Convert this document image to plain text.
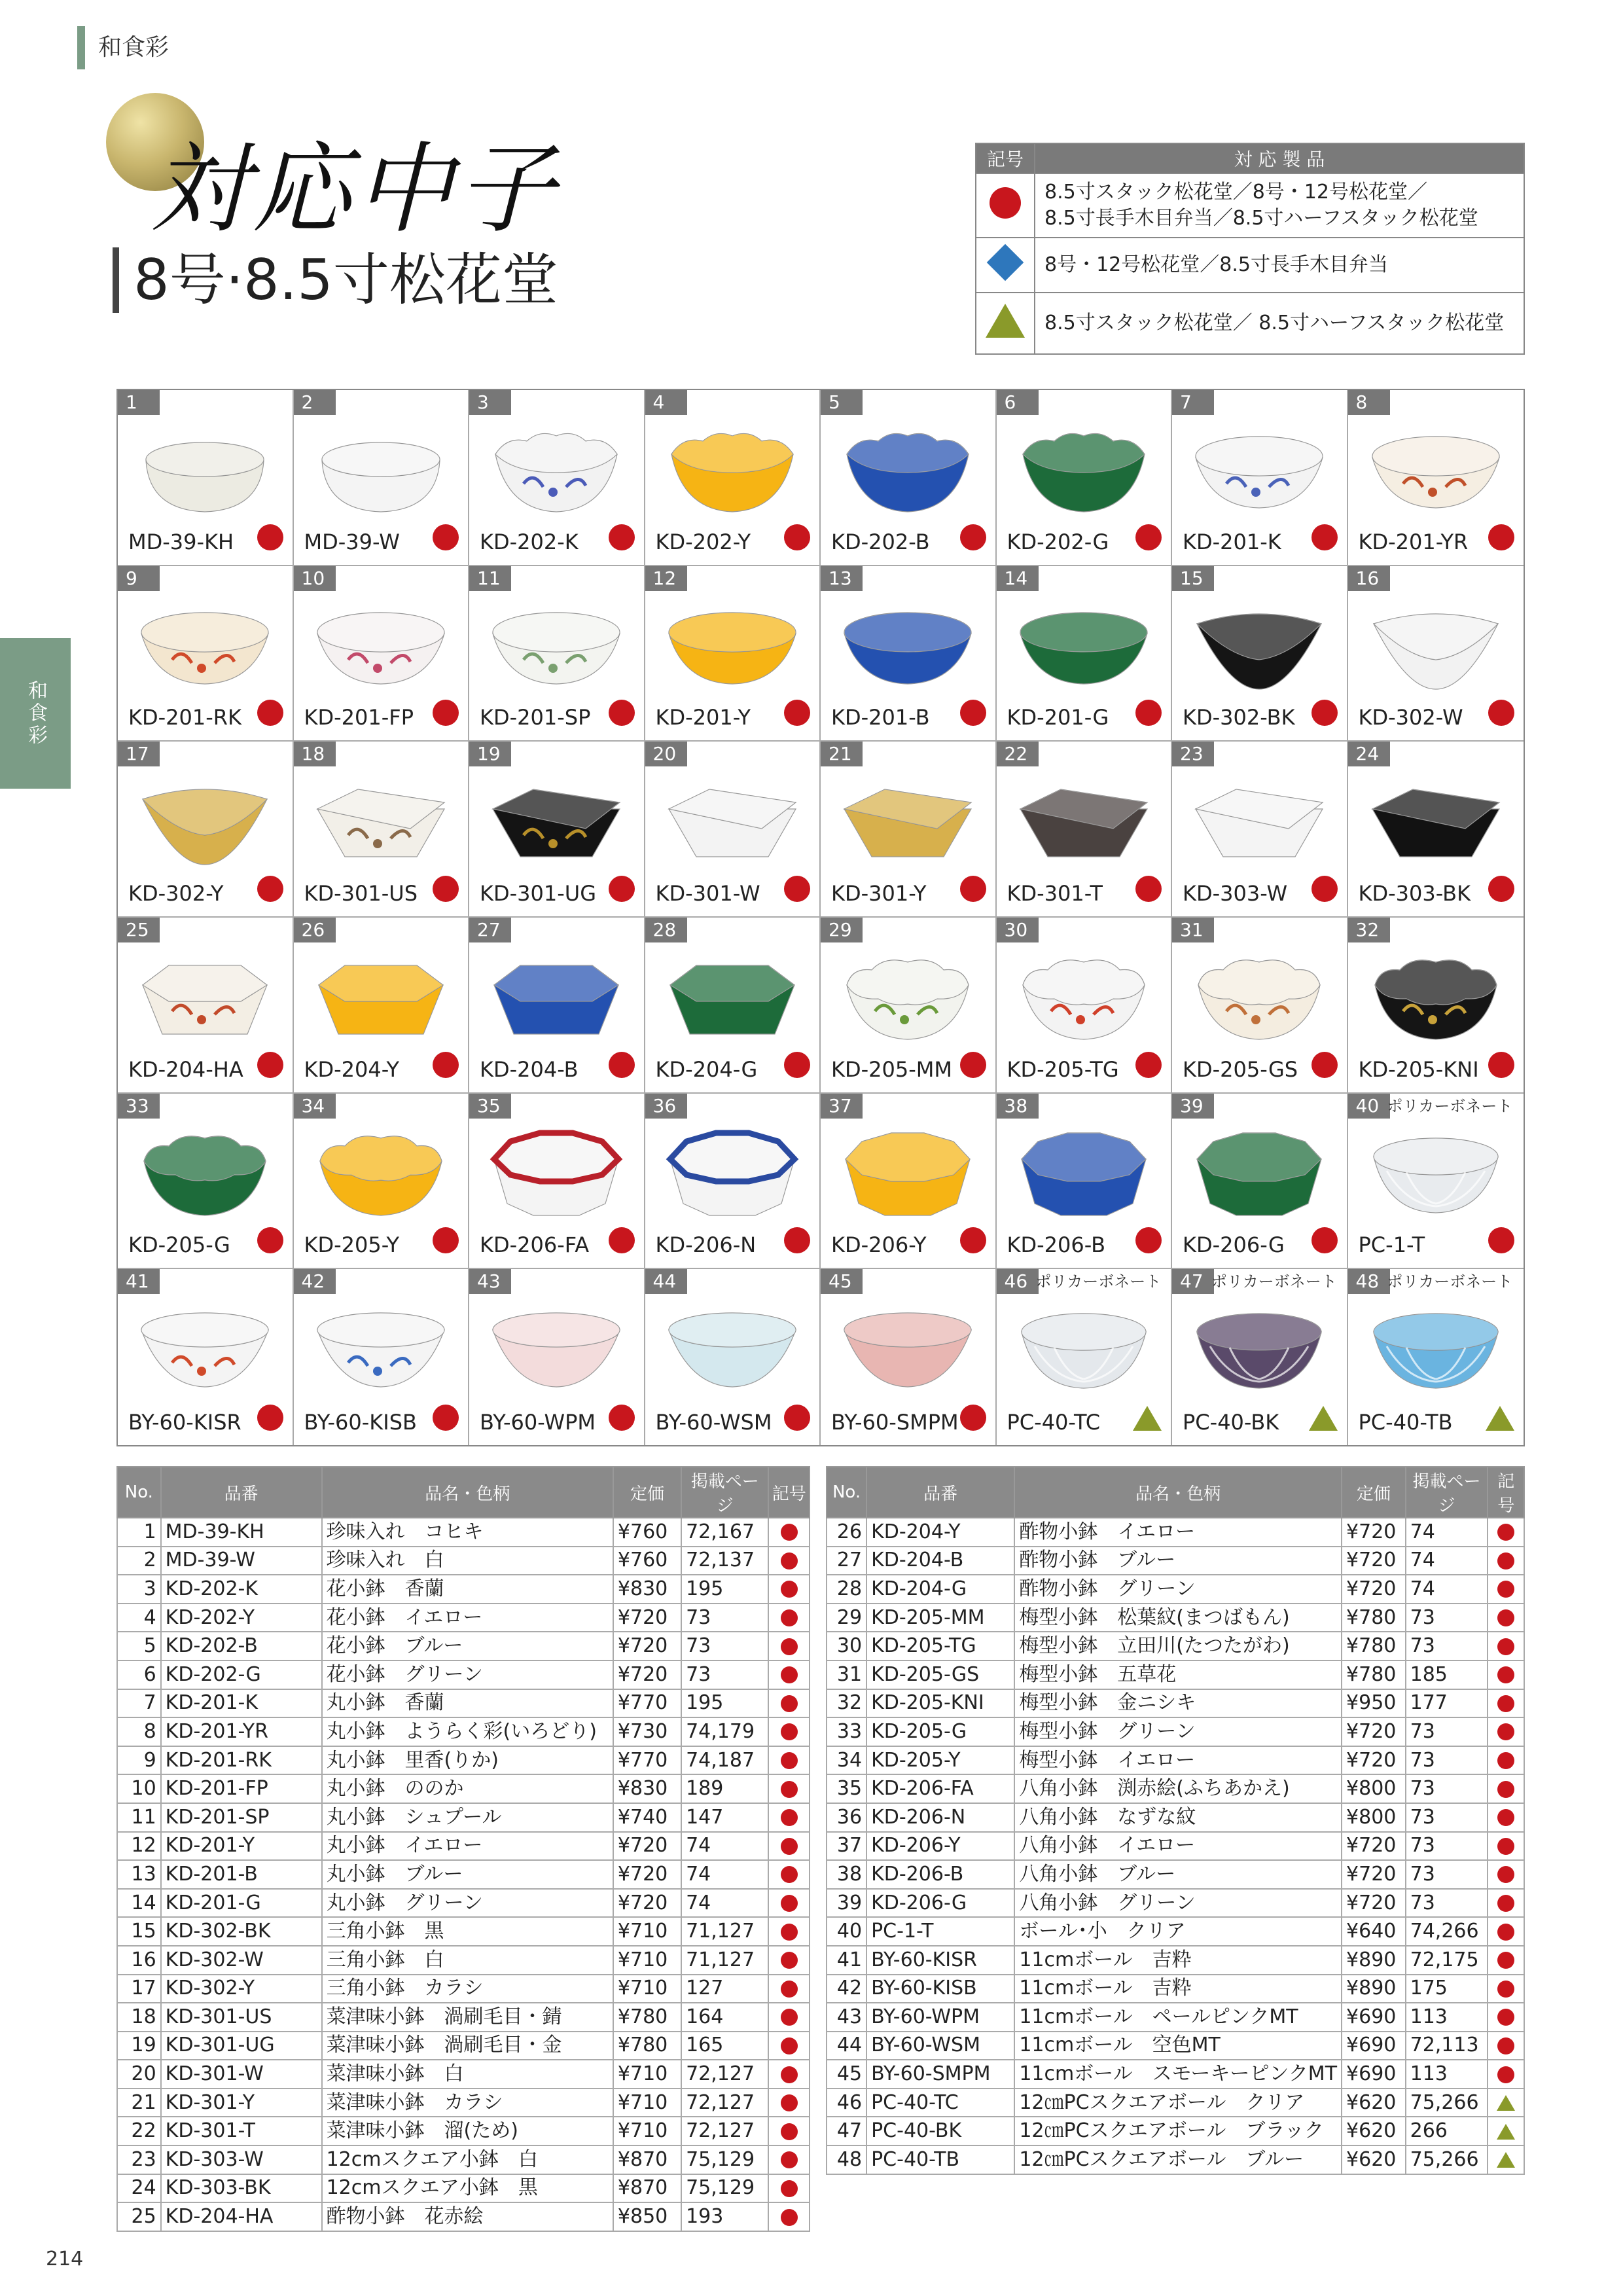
和食彩
和食彩
対応中子
8号·8.5寸松花堂
記号	対 応 製 品
	8.5寸スタック松花堂／8号・12号松花堂／
8.5寸長手木目弁当／8.5寸ハーフスタック松花堂
	8号・12号松花堂／8.5寸長手木目弁当
	8.5寸スタック松花堂／ 8.5寸ハーフスタック松花堂
1
MD-39-KH
2
MD-39-W
3
KD-202-K
4
KD-202-Y
5
KD-202-B
6
KD-202-G
7
KD-201-K
8
KD-201-YR
9
KD-201-RK
10
KD-201-FP
11
KD-201-SP
12
KD-201-Y
13
KD-201-B
14
KD-201-G
15
KD-302-BK
16
KD-302-W
17
KD-302-Y
18
KD-301-US
19
KD-301-UG
20
KD-301-W
21
KD-301-Y
22
KD-301-T
23
KD-303-W
24
KD-303-BK
25
KD-204-HA
26
KD-204-Y
27
KD-204-B
28
KD-204-G
29
KD-205-MM
30
KD-205-TG
31
KD-205-GS
32
KD-205-KNI
33
KD-205-G
34
KD-205-Y
35
KD-206-FA
36
KD-206-N
37
KD-206-Y
38
KD-206-B
39
KD-206-G
40 ポリカーボネート
PC-1-T
41
BY-60-KISR
42
BY-60-KISB
43
BY-60-WPM
44
BY-60-WSM
45
BY-60-SMPM
46 ポリカーボネート
PC-40-TC
47 ポリカーボネート
PC-40-BK
48 ポリカーボネート
PC-40-TB
No.	品番	品名・色柄	定価	掲載ページ	記号
1	MD-39-KH	珍味入れ　コヒキ	¥760	72,167	
2	MD-39-W	珍味入れ　白	¥760	72,137	
3	KD-202-K	花小鉢　香蘭	¥830	195	
4	KD-202-Y	花小鉢　イエロー	¥720	73	
5	KD-202-B	花小鉢　ブルー	¥720	73	
6	KD-202-G	花小鉢　グリーン	¥720	73	
7	KD-201-K	丸小鉢　香蘭	¥770	195	
8	KD-201-YR	丸小鉢　ようらく彩(いろどり)	¥730	74,179	
9	KD-201-RK	丸小鉢　里香(りか)	¥770	74,187	
10	KD-201-FP	丸小鉢　ののか	¥830	189	
11	KD-201-SP	丸小鉢　シュプール	¥740	147	
12	KD-201-Y	丸小鉢　イエロー	¥720	74	
13	KD-201-B	丸小鉢　ブルー	¥720	74	
14	KD-201-G	丸小鉢　グリーン	¥720	74	
15	KD-302-BK	三角小鉢　黒	¥710	71,127	
16	KD-302-W	三角小鉢　白	¥710	71,127	
17	KD-302-Y	三角小鉢　カラシ	¥710	127	
18	KD-301-US	菜津味小鉢　渦刷毛目・錆	¥780	164	
19	KD-301-UG	菜津味小鉢　渦刷毛目・金	¥780	165	
20	KD-301-W	菜津味小鉢　白	¥710	72,127	
21	KD-301-Y	菜津味小鉢　カラシ	¥710	72,127	
22	KD-301-T	菜津味小鉢　溜(ため)	¥710	72,127	
23	KD-303-W	12cmスクエア小鉢　白	¥870	75,129	
24	KD-303-BK	12cmスクエア小鉢　黒	¥870	75,129	
25	KD-204-HA	酢物小鉢　花赤絵	¥850	193	
No.	品番	品名・色柄	定価	掲載ページ	記号
26	KD-204-Y	酢物小鉢　イエロー	¥720	74	
27	KD-204-B	酢物小鉢　ブルー	¥720	74	
28	KD-204-G	酢物小鉢　グリーン	¥720	74	
29	KD-205-MM	梅型小鉢　松葉紋(まつばもん)	¥780	73	
30	KD-205-TG	梅型小鉢　立田川(たつたがわ)	¥780	73	
31	KD-205-GS	梅型小鉢　五草花	¥780	185	
32	KD-205-KNI	梅型小鉢　金ニシキ	¥950	177	
33	KD-205-G	梅型小鉢　グリーン	¥720	73	
34	KD-205-Y	梅型小鉢　イエロー	¥720	73	
35	KD-206-FA	八角小鉢　渕赤絵(ふちあかえ)	¥800	73	
36	KD-206-N	八角小鉢　なずな紋	¥800	73	
37	KD-206-Y	八角小鉢　イエロー	¥720	73	
38	KD-206-B	八角小鉢　ブルー	¥720	73	
39	KD-206-G	八角小鉢　グリーン	¥720	73	
40	PC-1-T	ボール･小　クリア	¥640	74,266	
41	BY-60-KISR	11cmボール　吉粋	¥890	72,175	
42	BY-60-KISB	11cmボール　吉粋	¥890	175	
43	BY-60-WPM	11cmボール　ペールピンクMT	¥690	113	
44	BY-60-WSM	11cmボール　空色MT	¥690	72,113	
45	BY-60-SMPM	11cmボール　スモーキーピンクMT	¥690	113	
46	PC-40-TC	12㎝PCスクエアボール　クリア	¥620	75,266	
47	PC-40-BK	12㎝PCスクエアボール　ブラック	¥620	266	
48	PC-40-TB	12㎝PCスクエアボール　ブルー	¥620	75,266	
214
